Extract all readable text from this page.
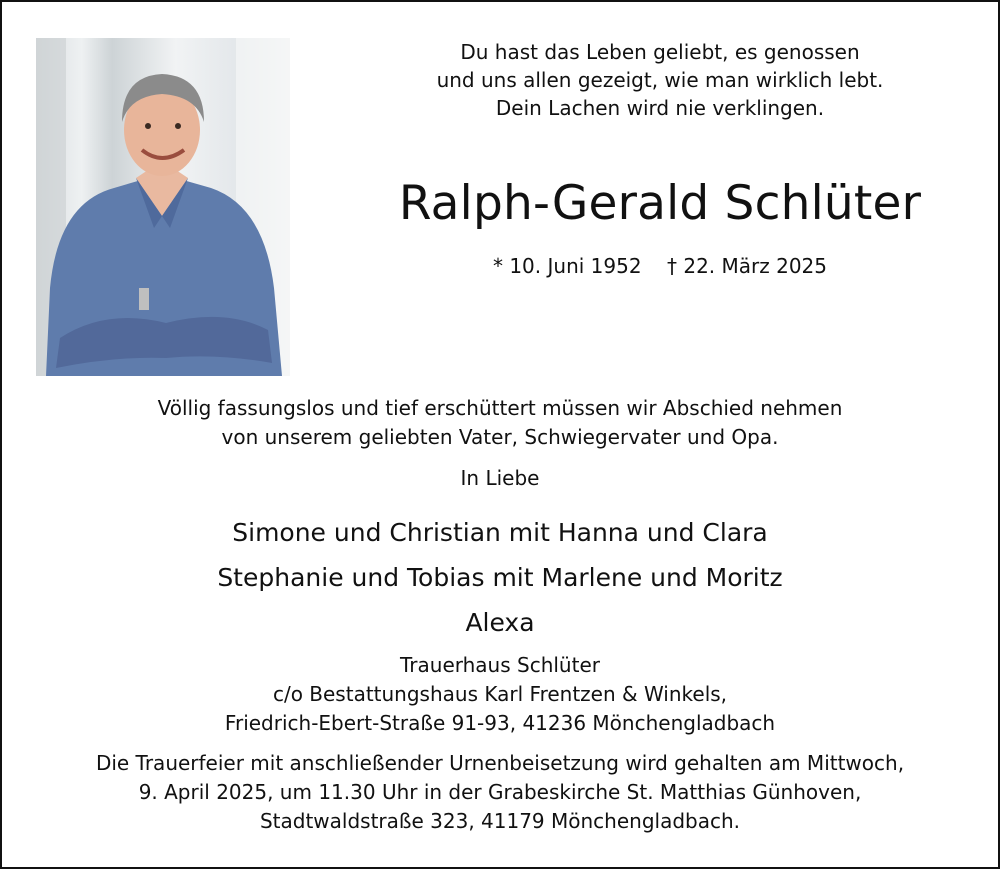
Du hast das Leben geliebt, es genossen
und uns allen gezeigt, wie man wirklich lebt.
Dein Lachen wird nie verklingen.
Ralph-Gerald Schlüter
* 10. Juni 1952 † 22. März 2025
Völlig fassungslos und tief erschüttert müssen wir Abschied nehmen
von unserem geliebten Vater, Schwiegervater und Opa.
In Liebe
Simone und Christian mit Hanna und Clara
Stephanie und Tobias mit Marlene und Moritz
Alexa
Trauerhaus Schlüter
c/o Bestattungshaus Karl Frentzen & Winkels,
Friedrich-Ebert-Straße 91-93, 41236 Mönchengladbach
Die Trauerfeier mit anschließender Urnenbeisetzung wird gehalten am Mittwoch,
9. April 2025, um 11.30 Uhr in der Grabeskirche St. Matthias Günhoven,
Stadtwaldstraße 323, 41179 Mönchengladbach.
